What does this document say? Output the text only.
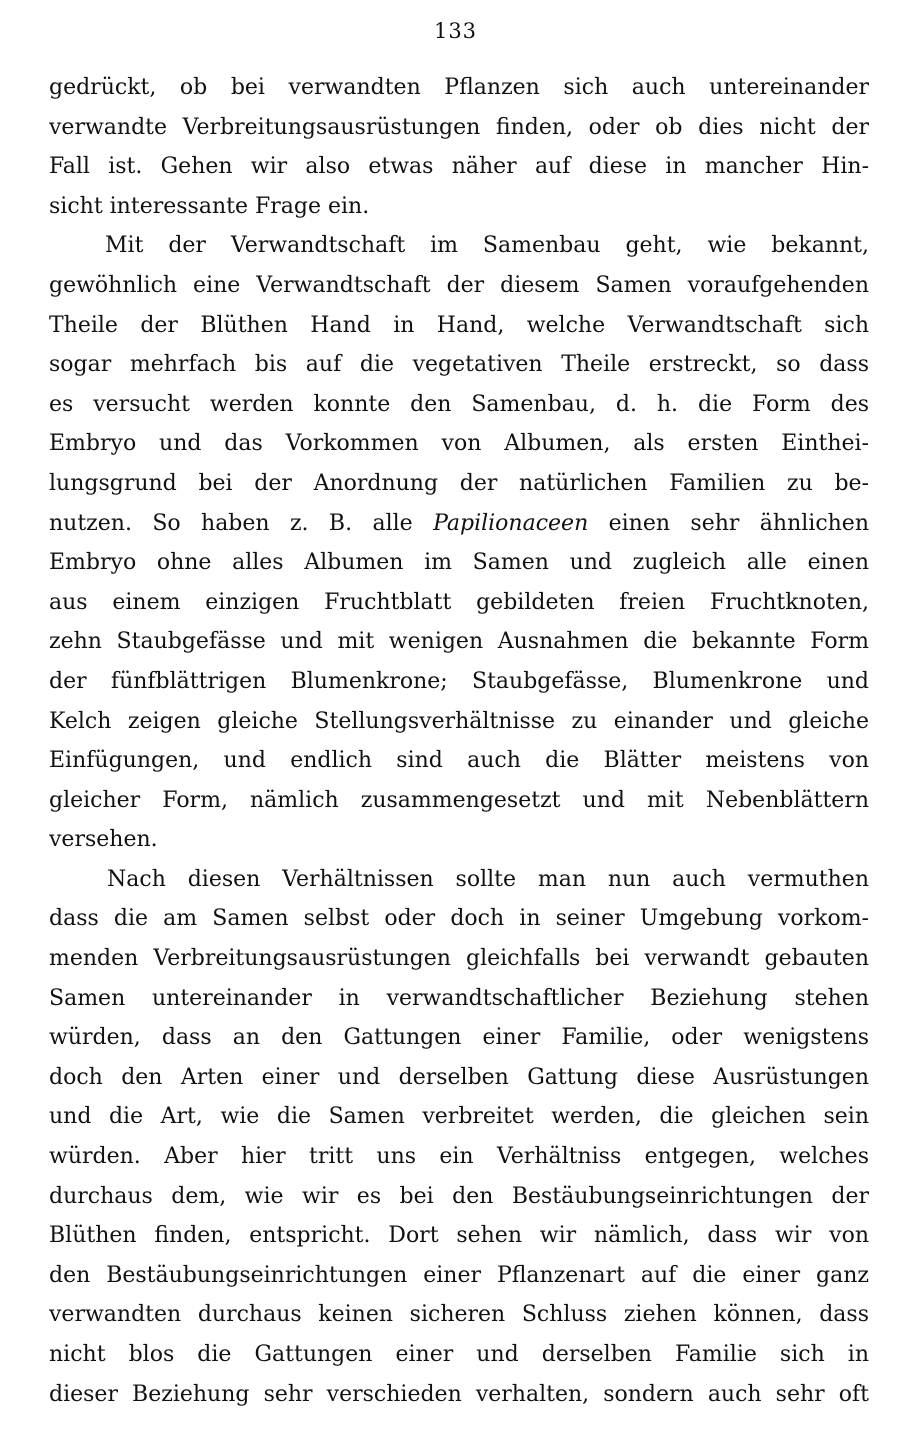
133
gedrückt, ob bei verwandten Pflanzen sich auch untereinander
verwandte Verbreitungsausrüstungen finden, oder ob dies nicht der
Fall ist. Gehen wir also etwas näher auf diese in mancher Hin-
sicht interessante Frage ein.
Mit der Verwandtschaft im Samenbau geht, wie bekannt,
gewöhnlich eine Verwandtschaft der diesem Samen voraufgehenden
Theile der Blüthen Hand in Hand, welche Verwandtschaft sich
sogar mehrfach bis auf die vegetativen Theile erstreckt, so dass
es versucht werden konnte den Samenbau, d. h. die Form des
Embryo und das Vorkommen von Albumen, als ersten Einthei-
lungsgrund bei der Anordnung der natürlichen Familien zu be-
nutzen. So haben z. B. alle Papilionaceen einen sehr ähnlichen
Embryo ohne alles Albumen im Samen und zugleich alle einen
aus einem einzigen Fruchtblatt gebildeten freien Fruchtknoten,
zehn Staubgefässe und mit wenigen Ausnahmen die bekannte Form
der fünfblättrigen Blumenkrone; Staubgefässe, Blumenkrone und
Kelch zeigen gleiche Stellungsverhältnisse zu einander und gleiche
Einfügungen, und endlich sind auch die Blätter meistens von
gleicher Form, nämlich zusammengesetzt und mit Nebenblättern
versehen.
Nach diesen Verhältnissen sollte man nun auch vermuthen
dass die am Samen selbst oder doch in seiner Umgebung vorkom-
menden Verbreitungsausrüstungen gleichfalls bei verwandt gebauten
Samen untereinander in verwandtschaftlicher Beziehung stehen
würden, dass an den Gattungen einer Familie, oder wenigstens
doch den Arten einer und derselben Gattung diese Ausrüstungen
und die Art, wie die Samen verbreitet werden, die gleichen sein
würden. Aber hier tritt uns ein Verhältniss entgegen, welches
durchaus dem, wie wir es bei den Bestäubungseinrichtungen der
Blüthen finden, entspricht. Dort sehen wir nämlich, dass wir von
den Bestäubungseinrichtungen einer Pflanzenart auf die einer ganz
verwandten durchaus keinen sicheren Schluss ziehen können, dass
nicht blos die Gattungen einer und derselben Familie sich in
dieser Beziehung sehr verschieden verhalten, sondern auch sehr oft
